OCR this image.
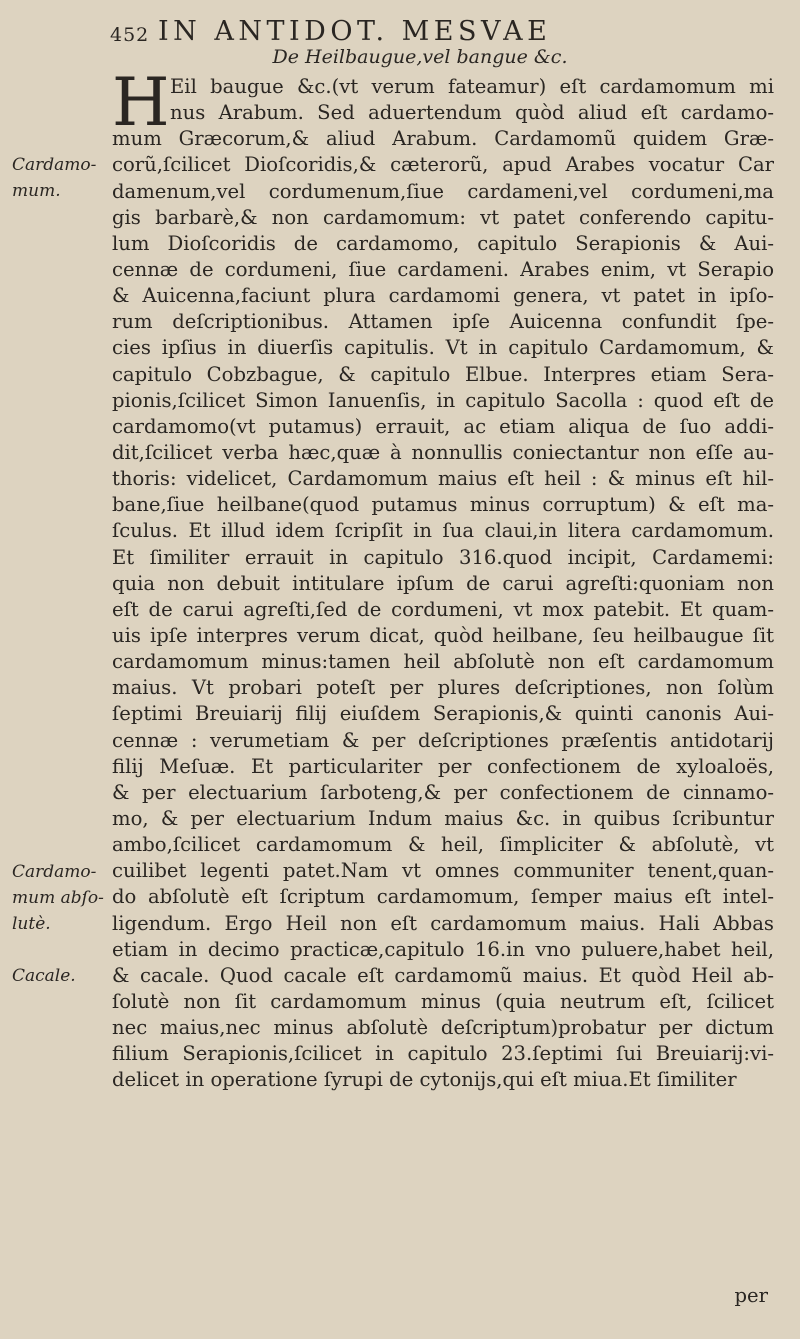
452 IN ANTIDOT. MESVAE
De Heilbaugue,vel bangue &c.
H Eil baugue &c.(vt verum fateamur) eſt cardamomum mi
nus Arabum. Sed aduertendum quòd aliud eſt cardamo-
mum Græcorum,& aliud Arabum. Cardamomũ quidem Græ-
corũ,ſcilicet Dioſcoridis,& cæterorũ, apud Arabes vocatur Car
damenum,vel cordumenum,ſiue cardameni,vel cordumeni,ma
gis barbarè,& non cardamomum: vt patet conferendo capitu-
lum Dioſcoridis de cardamomo, capitulo Serapionis & Aui-
cennæ de cordumeni, ſiue cardameni. Arabes enim, vt Serapio
& Auicenna,faciunt plura cardamomi genera, vt patet in ipſo-
rum deſcriptionibus. Attamen ipſe Auicenna confundit ſpe-
cies ipſius in diuerſis capitulis. Vt in capitulo Cardamomum, &
capitulo Cobzbague, & capitulo Elbue. Interpres etiam Sera-
pionis,ſcilicet Simon Ianuenſis, in capitulo Sacolla : quod eſt de
cardamomo(vt putamus) errauit, ac etiam aliqua de ſuo addi-
dit,ſcilicet verba hæc,quæ à nonnullis coniectantur non eſſe au-
thoris: videlicet, Cardamomum maius eſt heil : & minus eſt hil-
bane,ſiue heilbane(quod putamus minus corruptum) & eſt ma-
ſculus. Et illud idem ſcripſit in ſua claui,in litera cardamomum.
Et ſimiliter errauit in capitulo 316.quod incipit, Cardamemi:
quia non debuit intitulare ipſum de carui agreſti:quoniam non
eſt de carui agreſti,ſed de cordumeni, vt mox patebit. Et quam-
uis ipſe interpres verum dicat, quòd heilbane, ſeu heilbaugue ſit
cardamomum minus:tamen heil abſolutè non eſt cardamomum
maius. Vt probari poteſt per plures deſcriptiones, non ſolùm
ſeptimi Breuiarij filij eiuſdem Serapionis,& quinti canonis Aui-
cennæ : verumetiam & per deſcriptiones præſentis antidotarij
filij Meſuæ. Et particulariter per confectionem de xyloaloës,
& per electuarium ſarboteng,& per confectionem de cinnamo-
mo, & per electuarium Indum maius &c. in quibus ſcribuntur
ambo,ſcilicet cardamomum & heil, ſimpliciter & abſolutè, vt
cuilibet legenti patet.Nam vt omnes communiter tenent,quan-
do abſolutè eſt ſcriptum cardamomum, ſemper maius eſt intel-
ligendum. Ergo Heil non eſt cardamomum maius. Hali Abbas
etiam in decimo practicæ,capitulo 16.in vno puluere,habet heil,
& cacale. Quod cacale eſt cardamomũ maius. Et quòd Heil ab-
ſolutè non ſit cardamomum minus (quia neutrum eſt, ſcilicet
nec maius,nec minus abſolutè deſcriptum)probatur per dictum
filium Serapionis,ſcilicet in capitulo 23.ſeptimi ſui Breuiarij:vi-
delicet in operatione ſyrupi de cytonijs,qui eſt miua.Et ſimiliter
Cardamo-
mum.
Cardamo-
mum abſo-
lutè.
Cacale.
per
